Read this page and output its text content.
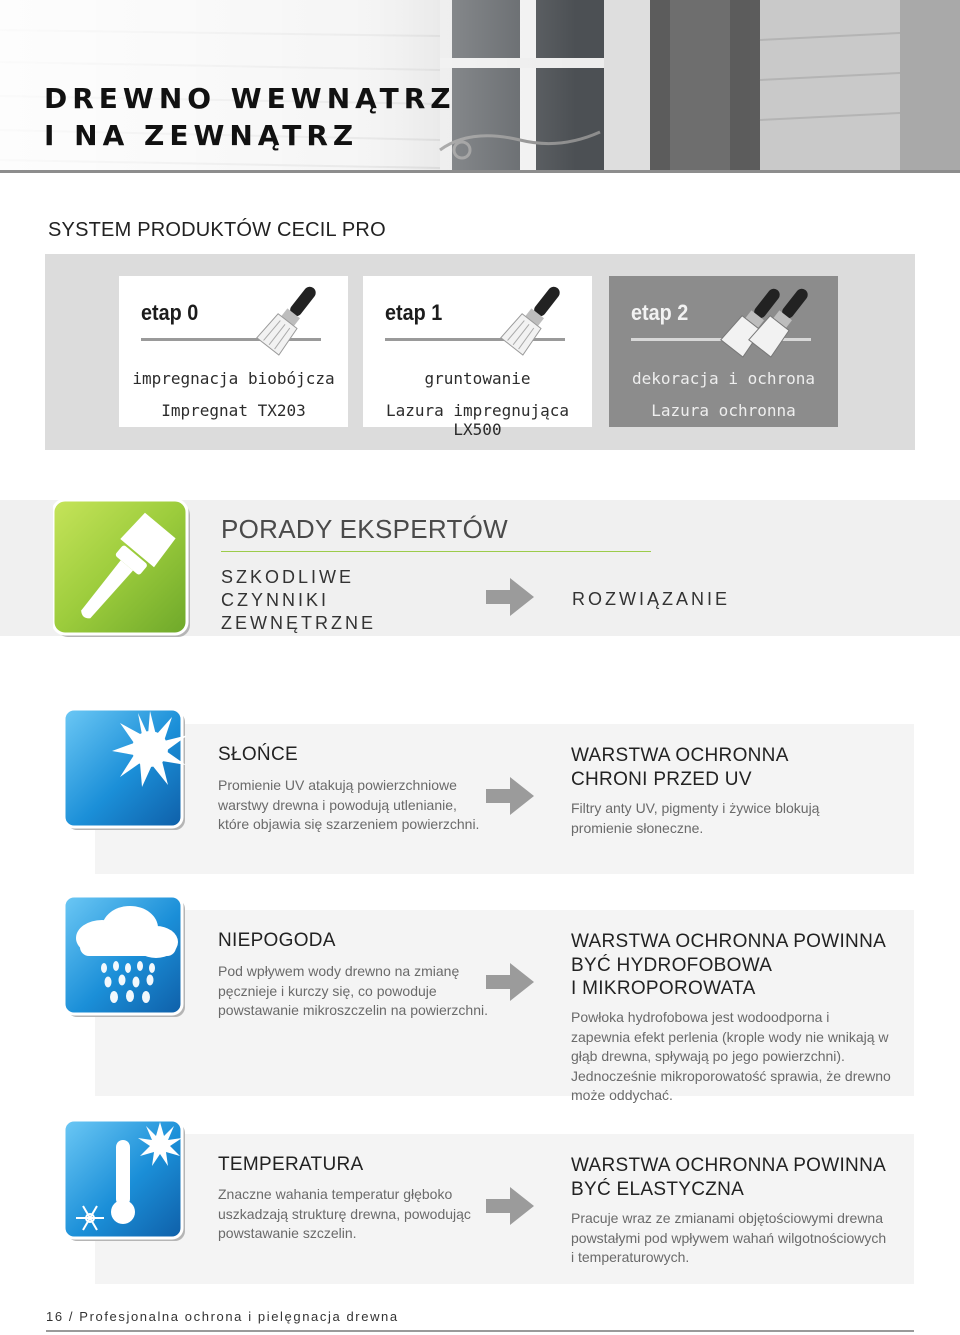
DREWNO WEWNĄTRZ
I NA ZEWNĄTRZ
SYSTEM PRODUKTÓW CECIL PRO
etap 0
impregnacja biobójcza
Impregnat TX203
etap 1
gruntowanie
Lazura impregnująca LX500
etap 2
dekoracja i ochrona
Lazura ochronna
PORADY EKSPERTÓW
SZKODLIWE
CZYNNIKI
ZEWNĘTRZNE
ROZWIĄZANIE
SŁOŃCE
Promienie UV atakują powierzchniowe warstwy drewna i powodują utlenianie, które objawia się szarzeniem powierzchni.
WARSTWA OCHRONNA
CHRONI PRZED UV
Filtry anty UV, pigmenty i żywice blokują promienie słoneczne.
NIEPOGODA
Pod wpływem wody drewno na zmianę pęcznieje i kurczy się, co powoduje powstawanie mikroszczelin na powierzchni.
WARSTWA OCHRONNA POWINNA
BYĆ HYDROFOBOWA
I MIKROPOROWATA
Powłoka hydrofobowa jest wodoodporna i zapewnia efekt perlenia (krople wody nie wnikają w głąb drewna, spływają po jego powierzchni). Jednocześnie mikroporowatość sprawia, że drewno może oddychać.
TEMPERATURA
Znaczne wahania temperatur głęboko uszkadzają strukturę drewna, powodując powstawanie szczelin.
WARSTWA OCHRONNA POWINNA
BYĆ ELASTYCZNA
Pracuje wraz ze zmianami objętościowymi drewna powstałymi pod wpływem wahań wilgotnościowych i temperaturowych.
16 / Profesjonalna ochrona i pielęgnacja drewna
